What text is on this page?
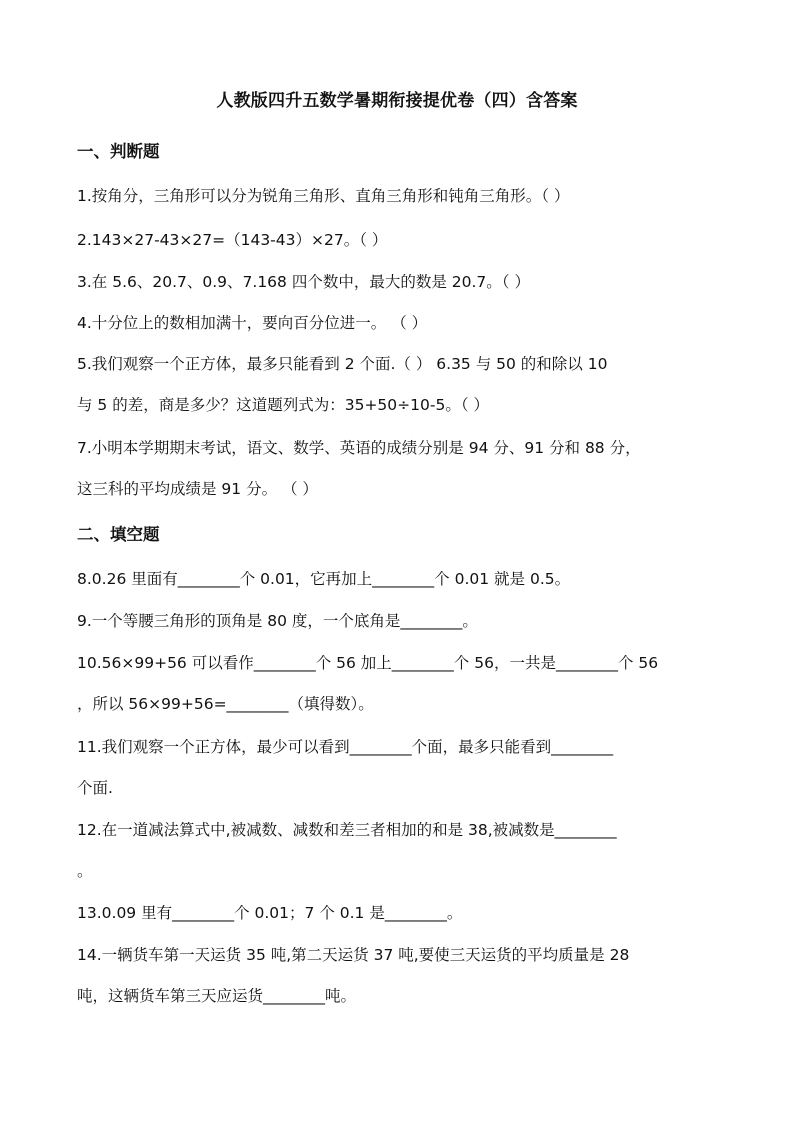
人教版四升五数学暑期衔接提优卷（四）含答案
一、判断题
1.按角分，三角形可以分为锐角三角形、直角三角形和钝角三角形。（ ）
2.143×27-43×27=（143-43）×27。（ ）
3.在 5.6、20.7、0.9、7.168 四个数中，最大的数是 20.7。（ ）
4.十分位上的数相加满十，要向百分位进一。 （ ）
5.我们观察一个正方体，最多只能看到 2 个面.（ ） 6.35 与 50 的和除以 10
与 5 的差，商是多少？这道题列式为：35+50÷10-5。（ ）
7.小明本学期期末考试，语文、数学、英语的成绩分别是 94 分、91 分和 88 分，
这三科的平均成绩是 91 分。 （ ）
二、填空题
8.0.26 里面有________个 0.01，它再加上________个 0.01 就是 0.5。
9.一个等腰三角形的顶角是 80 度，一个底角是________。
10.56×99+56 可以看作________个 56 加上________个 56，一共是________个 56
，所以 56×99+56=________（填得数）。
11.我们观察一个正方体，最少可以看到________个面，最多只能看到________
个面.
12.在一道减法算式中,被减数、减数和差三者相加的和是 38,被减数是________
。
13.0.09 里有________个 0.01；7 个 0.1 是________。
14.一辆货车第一天运货 35 吨,第二天运货 37 吨,要使三天运货的平均质量是 28
吨，这辆货车第三天应运货________吨。
